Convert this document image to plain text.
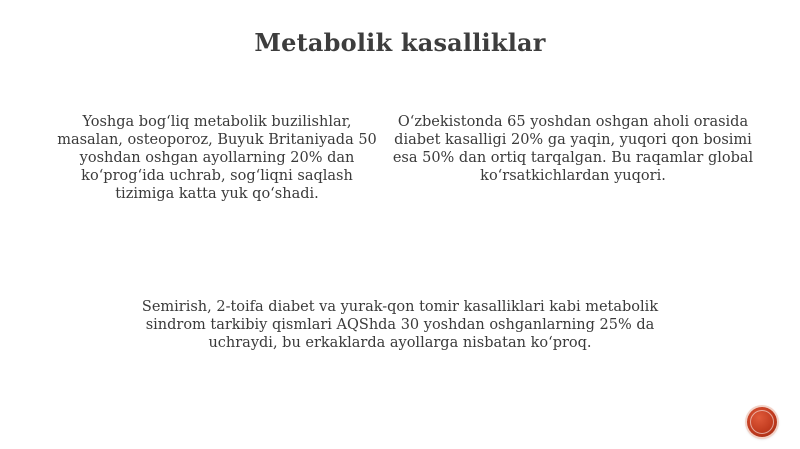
Metabolik kasalliklar
Yoshga bog‘liq metabolik buzilishlar, masalan, osteoporoz, Buyuk Britaniyada 50 yoshdan oshgan ayollarning 20% dan ko‘prog‘ida uchrab, sog‘liqni saqlash tizimiga katta yuk qo‘shadi.
O‘zbekistonda 65 yoshdan oshgan aholi orasida diabet kasalligi 20% ga yaqin, yuqori qon bosimi esa 50% dan ortiq tarqalgan. Bu raqamlar global ko‘rsatkichlardan yuqori.
Semirish, 2-toifa diabet va yurak-qon tomir kasalliklari kabi metabolik sindrom tarkibiy qismlari AQShda 30 yoshdan oshganlarning 25% da uchraydi, bu erkaklarda ayollarga nisbatan ko‘proq.
